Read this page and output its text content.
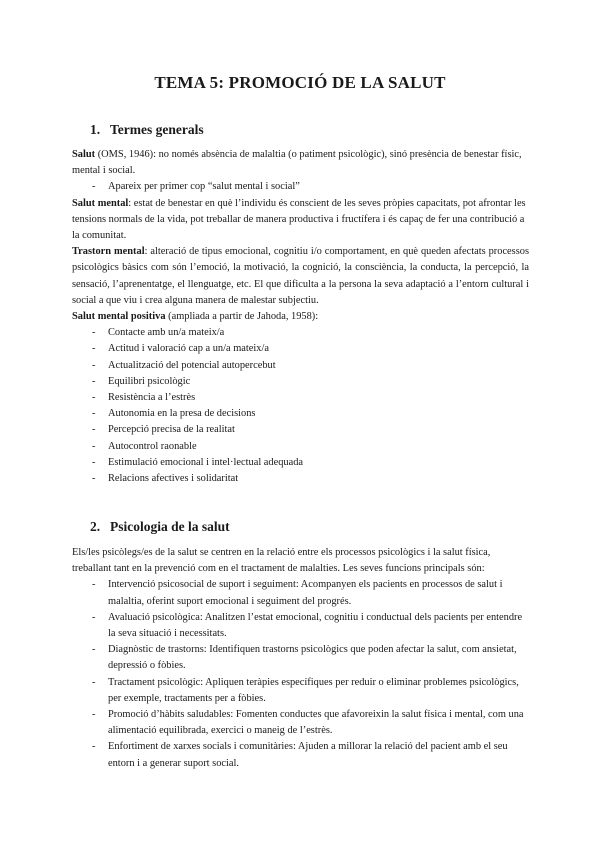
TEMA 5: PROMOCIÓ DE LA SALUT
1. Termes generals

Salut (OMS, 1946): no només absència de malaltia (o patiment psicològic), sinó presència de benestar físic, mental i social.

- Apareix per primer cop “salut mental i social”

Salut mental: estat de benestar en què l’individu és conscient de les seves pròpies capacitats, pot afrontar les tensions normals de la vida, pot treballar de manera productiva i fructífera i és capaç de fer una contribució a la comunitat.

Trastorn mental: alteració de tipus emocional, cognitiu i/o comportament, en què queden afectats processos psicològics bàsics com són l’emoció, la motivació, la cognició, la consciència, la conducta, la percepció, la sensació, l’aprenentatge, el llenguatge, etc. El que dificulta a la persona la seva adaptació a l’entorn cultural i social a que viu i crea alguna manera de malestar subjectiu.

Salut mental positiva (ampliada a partir de Jahoda, 1958):

- Contacte amb un/a mateix/a
- Actitud i valoració cap a un/a mateix/a
- Actualització del potencial autopercebut
- Equilibri psicològic
- Resistència a l’estrès
- Autonomia en la presa de decisions
- Percepció precisa de la realitat
- Autocontrol raonable
- Estimulació emocional i intel·lectual adequada
- Relacions afectives i solidaritat
2. Psicologia de la salut

Els/les psicòlegs/es de la salut se centren en la relació entre els processos psicològics i la salut física, treballant tant en la prevenció com en el tractament de malalties. Les seves funcions principals són:

- Intervenció psicosocial de suport i seguiment: Acompanyen els pacients en processos de salut i malaltia, oferint suport emocional i seguiment del progrés.
- Avaluació psicològica: Analitzen l’estat emocional, cognitiu i conductual dels pacients per entendre la seva situació i necessitats.
- Diagnòstic de trastorns: Identifiquen trastorns psicològics que poden afectar la salut, com ansietat, depressió o fòbies.
- Tractament psicològic: Apliquen teràpies específiques per reduir o eliminar problemes psicològics, per exemple, tractaments per a fòbies.
- Promoció d’hàbits saludables: Fomenten conductes que afavoreixin la salut física i mental, com una alimentació equilibrada, exercici o maneig de l’estrès.
- Enfortiment de xarxes socials i comunitàries: Ajuden a millorar la relació del pacient amb el seu entorn i a generar suport social.
